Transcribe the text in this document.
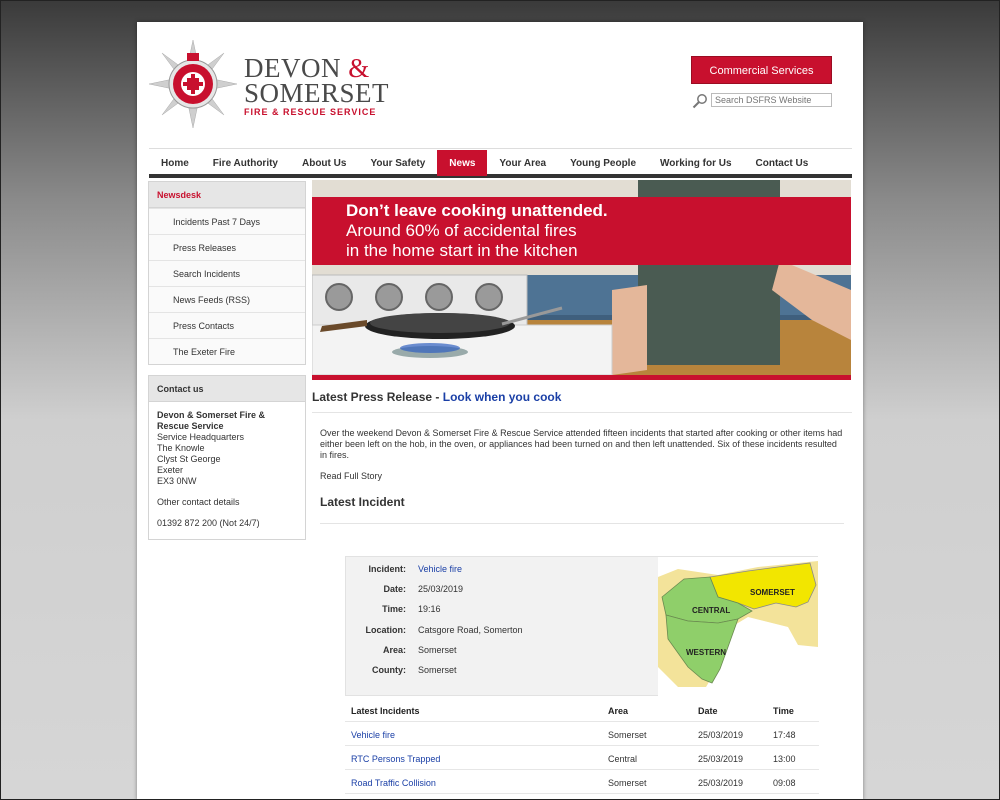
DEVON &
SOMERSET
FIRE & RESCUE SERVICE
Commercial Services
Search DSFRS Website
Home	Fire Authority	About Us	Your Safety	News	Your Area	Young People	Working for Us	Contact Us
Newsdesk
Incidents Past 7 Days
Press Releases
Search Incidents
News Feeds (RSS)
Press Contacts
The Exeter Fire
Contact us
Devon & Somerset Fire & Rescue Service
Service Headquarters
The Knowle
Clyst St George
Exeter
EX3 0NW
Other contact details
01392 872 200 (Not 24/7)
Don’t leave cooking unattended.
Around 60% of accidental fires
in the home start in the kitchen
Latest Press Release - Look when you cook
Over the weekend Devon & Somerset Fire & Rescue Service attended fifteen incidents that started after cooking or other items had either been left on the hob, in the oven, or appliances had been turned on and then left unattended. Six of these incidents resulted in fires.
Read Full Story
Latest Incident
Incident: Vehicle fire
Date: 25/03/2019
Time: 19:16
Location: Catsgore Road, Somerton
Area: Somerset
County: Somerset
SOMERSET
CENTRAL
WESTERN
Latest Incidents	Area	Date	Time
Vehicle fire	Somerset	25/03/2019	17:48
RTC Persons Trapped	Central	25/03/2019	13:00
Road Traffic Collision	Somerset	25/03/2019	09:08
